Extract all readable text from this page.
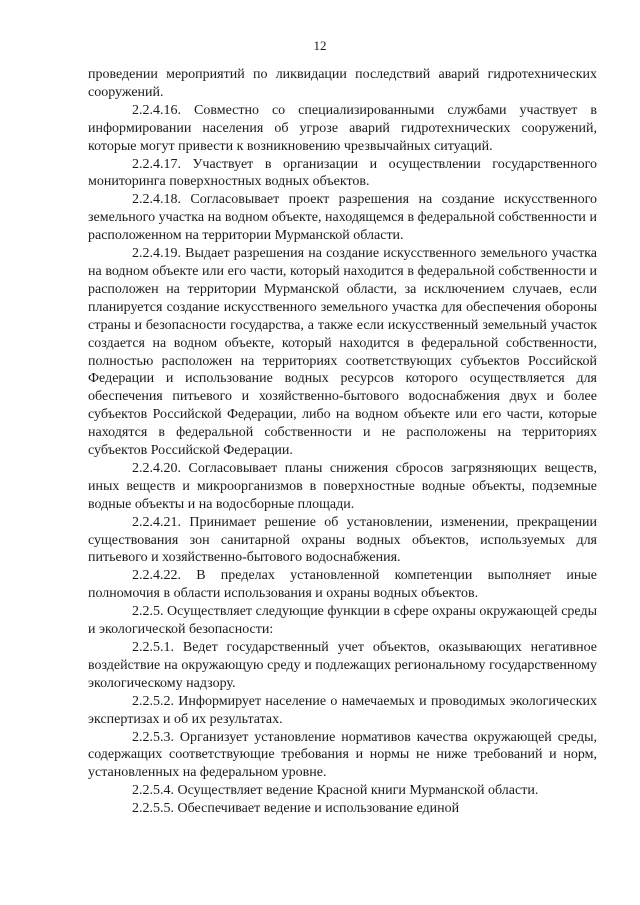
12

проведении мероприятий по ликвидации последствий аварий гидротехнических сооружений.

2.2.4.16. Совместно со специализированными службами участвует в информировании населения об угрозе аварий гидротехнических сооружений, которые могут привести к возникновению чрезвычайных ситуаций.

2.2.4.17. Участвует в организации и осуществлении государственного мониторинга поверхностных водных объектов.

2.2.4.18. Согласовывает проект разрешения на создание искусственного земельного участка на водном объекте, находящемся в федеральной собственности и расположенном на территории Мурманской области.

2.2.4.19. Выдает разрешения на создание искусственного земельного участка на водном объекте или его части, который находится в федеральной собственности и расположен на территории Мурманской области, за исключением случаев, если планируется создание искусственного земельного участка для обеспечения обороны страны и безопасности государства, а также если искусственный земельный участок создается на водном объекте, который находится в федеральной собственности, полностью расположен на территориях соответствующих субъектов Российской Федерации и использование водных ресурсов которого осуществляется для обеспечения питьевого и хозяйственно-бытового водоснабжения двух и более субъектов Российской Федерации, либо на водном объекте или его части, которые находятся в федеральной собственности и не расположены на территориях субъектов Российской Федерации.

2.2.4.20. Согласовывает планы снижения сбросов загрязняющих веществ, иных веществ и микроорганизмов в поверхностные водные объекты, подземные водные объекты и на водосборные площади.

2.2.4.21. Принимает решение об установлении, изменении, прекращении существования зон санитарной охраны водных объектов, используемых для питьевого и хозяйственно-бытового водоснабжения.

2.2.4.22. В пределах установленной компетенции выполняет иные полномочия в области использования и охраны водных объектов.

2.2.5. Осуществляет следующие функции в сфере охраны окружающей среды и экологической безопасности:

2.2.5.1. Ведет государственный учет объектов, оказывающих негативное воздействие на окружающую среду и подлежащих региональному государственному экологическому надзору.

2.2.5.2. Информирует население о намечаемых и проводимых экологических экспертизах и об их результатах.

2.2.5.3. Организует установление нормативов качества окружающей среды, содержащих соответствующие требования и нормы не ниже требований и норм, установленных на федеральном уровне.

2.2.5.4. Осуществляет ведение Красной книги Мурманской области.

2.2.5.5. Обеспечивает ведение и использование единой
